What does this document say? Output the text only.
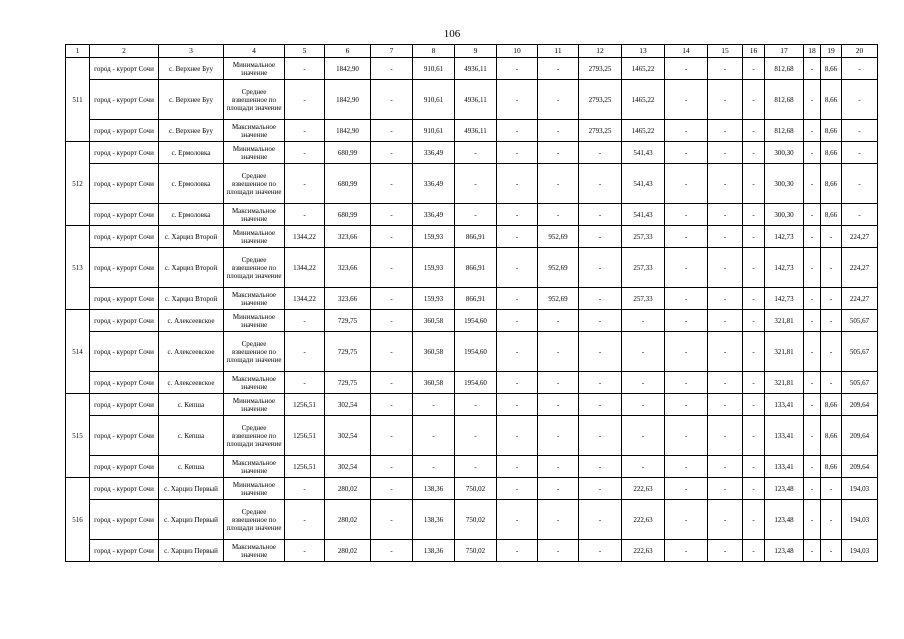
106
1	2	3	4	5	6	7	8	9	10	11	12	13	14	15	16	17	18	19	20
511	город - курорт Сочи	с. Верхнее Буу	Минимальное значение	-	1842,90	-	910,61	4936,11	-	-	2793,25	1465,22	-	-	-	812,68	-	8,66	-
	город - курорт Сочи	с. Верхнее Буу	Среднее взвешенное по площади значение	-	1842,90	-	910,61	4936,11	-	-	2793,25	1465,22	-	-	-	812,68	-	8,66	-
	город - курорт Сочи	с. Верхнее Буу	Максимальное значение	-	1842,90	-	910,61	4936,11	-	-	2793,25	1465,22	-	-	-	812,68	-	8,66	-
512	город - курорт Сочи	с. Ермоловка	Минимальное значение	-	680,99	-	336,49	-	-	-	-	541,43	-	-	-	300,30	-	8,66	-
	город - курорт Сочи	с. Ермоловка	Среднее взвешенное по площади значение	-	680,99	-	336,49	-	-	-	-	541,43	-	-	-	300,30	-	8,66	-
	город - курорт Сочи	с. Ермоловка	Максимальное значение	-	680,99	-	336,49	-	-	-	-	541,43	-	-	-	300,30	-	8,66	-
513	город - курорт Сочи	с. Харциз Второй	Минимальное значение	1344,22	323,66	-	159,93	866,91	-	952,69	-	257,33	-	-	-	142,73	-	-	224,27
	город - курорт Сочи	с. Харциз Второй	Среднее взвешенное по площади значение	1344,22	323,66	-	159,93	866,91	-	952,69	-	257,33	-	-	-	142,73	-	-	224,27
	город - курорт Сочи	с. Харциз Второй	Максимальное значение	1344,22	323,66	-	159,93	866,91	-	952,69	-	257,33	-	-	-	142,73	-	-	224,27
514	город - курорт Сочи	с. Алексеевское	Минимальное значение	-	729,75	-	360,58	1954,60	-	-	-	-	-	-	-	321,81	-	-	505,67
	город - курорт Сочи	с. Алексеевское	Среднее взвешенное по площади значение	-	729,75	-	360,58	1954,60	-	-	-	-	-	-	-	321,81	-	-	505,67
	город - курорт Сочи	с. Алексеевское	Максимальное значение	-	729,75	-	360,58	1954,60	-	-	-	-	-	-	-	321,81	-	-	505,67
515	город - курорт Сочи	с. Кепша	Минимальное значение	1256,51	302,54	-	-	-	-	-	-	-	-	-	-	133,41	-	8,66	209,64
	город - курорт Сочи	с. Кепша	Среднее взвешенное по площади значение	1256,51	302,54	-	-	-	-	-	-	-	-	-	-	133,41	-	8,66	209,64
	город - курорт Сочи	с. Кепша	Максимальное значение	1256,51	302,54	-	-	-	-	-	-	-	-	-	-	133,41	-	8,66	209,64
516	город - курорт Сочи	с. Харциз Первый	Минимальное значение	-	280,02	-	138,36	750,02	-	-	-	222,63	-	-	-	123,48	-	-	194,03
	город - курорт Сочи	с. Харциз Первый	Среднее взвешенное по площади значение	-	280,02	-	138,36	750,02	-	-	-	222,63	-	-	-	123,48	-	-	194,03
	город - курорт Сочи	с. Харциз Первый	Максимальное значение	-	280,02	-	138,36	750,02	-	-	-	222,63	-	-	-	123,48	-	-	194,03
